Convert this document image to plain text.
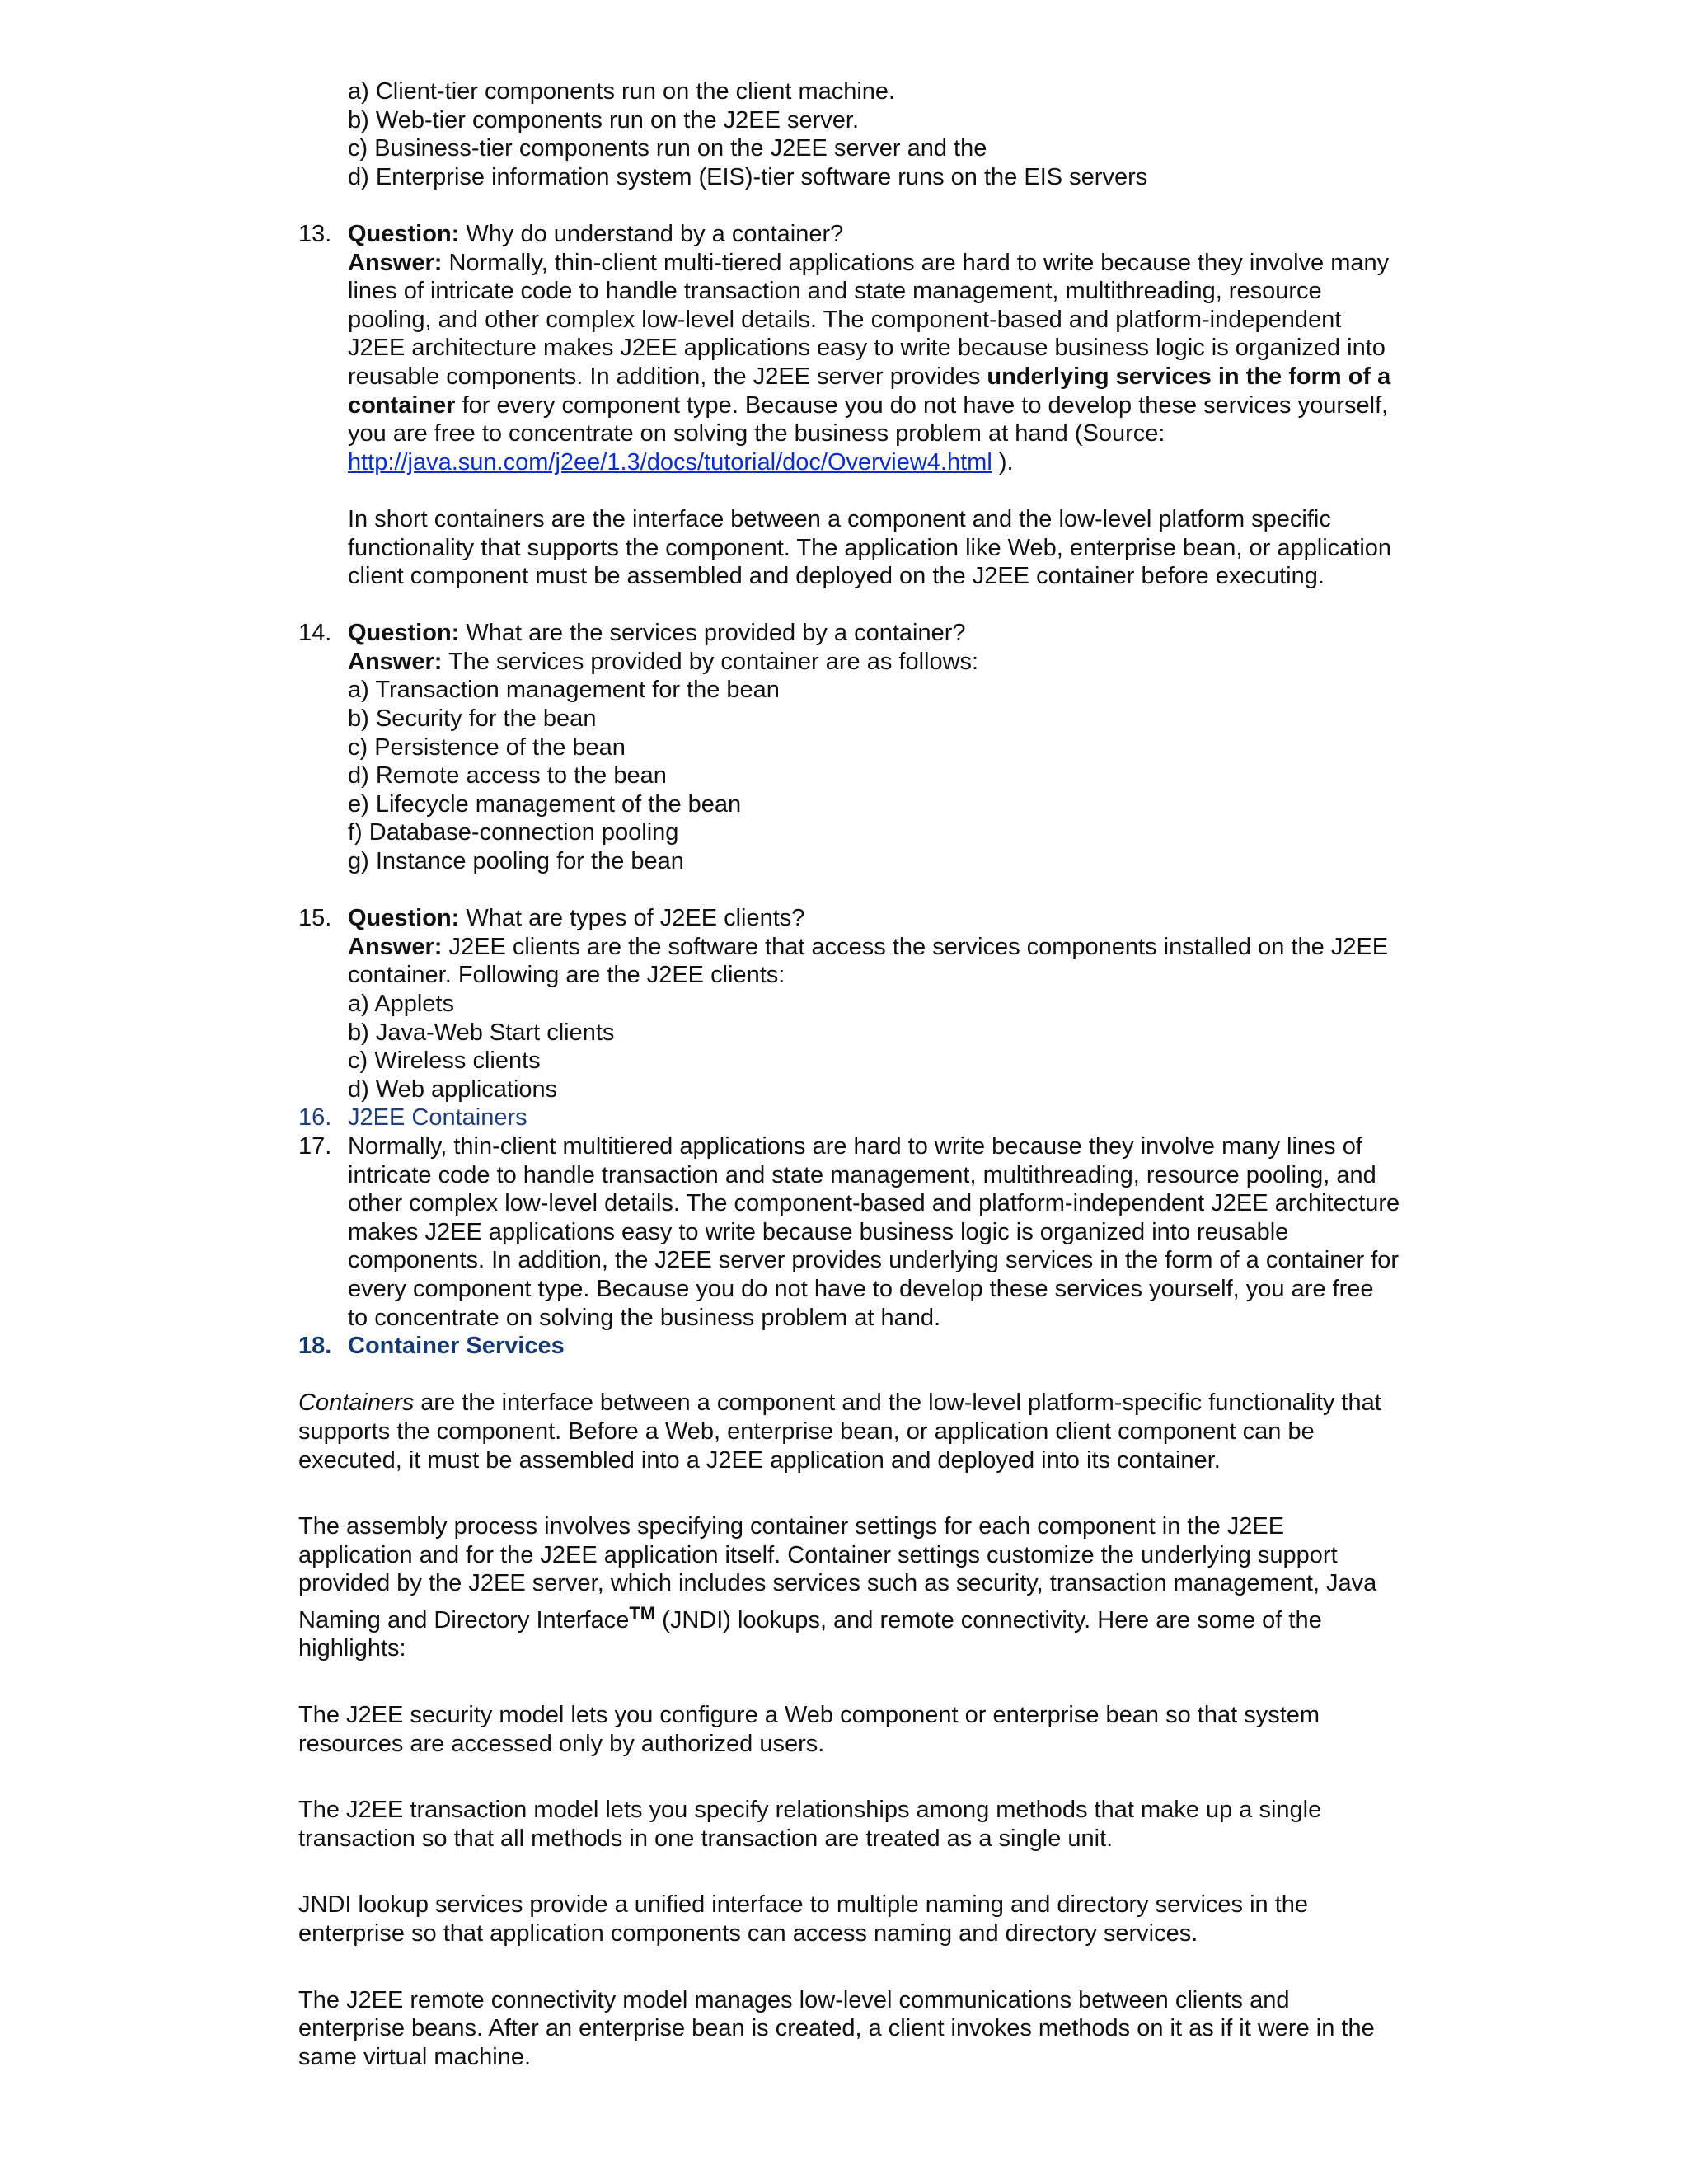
a) Client-tier components run on the client machine.
b) Web-tier components run on the J2EE server.
c) Business-tier components run on the J2EE server and the
d) Enterprise information system (EIS)-tier software runs on the EIS servers
13. Question: Why do understand by a container?
Answer: Normally, thin-client multi-tiered applications are hard to write because they involve many
lines of intricate code to handle transaction and state management, multithreading, resource
pooling, and other complex low-level details. The component-based and platform-independent
J2EE architecture makes J2EE applications easy to write because business logic is organized into
reusable components. In addition, the J2EE server provides underlying services in the form of a
container for every component type. Because you do not have to develop these services yourself,
you are free to concentrate on solving the business problem at hand (Source:
http://java.sun.com/j2ee/1.3/docs/tutorial/doc/Overview4.html ).
In short containers are the interface between a component and the low-level platform specific
functionality that supports the component. The application like Web, enterprise bean, or application
client component must be assembled and deployed on the J2EE container before executing.
14. Question: What are the services provided by a container?
Answer: The services provided by container are as follows:
a) Transaction management for the bean
b) Security for the bean
c) Persistence of the bean
d) Remote access to the bean
e) Lifecycle management of the bean
f) Database-connection pooling
g) Instance pooling for the bean
15. Question: What are types of J2EE clients?
Answer: J2EE clients are the software that access the services components installed on the J2EE
container. Following are the J2EE clients:
a) Applets
b) Java-Web Start clients
c) Wireless clients
d) Web applications
16. J2EE Containers
17. Normally, thin-client multitiered applications are hard to write because they involve many lines of
intricate code to handle transaction and state management, multithreading, resource pooling, and
other complex low-level details. The component-based and platform-independent J2EE architecture
makes J2EE applications easy to write because business logic is organized into reusable
components. In addition, the J2EE server provides underlying services in the form of a container for
every component type. Because you do not have to develop these services yourself, you are free
to concentrate on solving the business problem at hand.
18. Container Services
Containers are the interface between a component and the low-level platform-specific functionality that
supports the component. Before a Web, enterprise bean, or application client component can be
executed, it must be assembled into a J2EE application and deployed into its container.
The assembly process involves specifying container settings for each component in the J2EE
application and for the J2EE application itself. Container settings customize the underlying support
provided by the J2EE server, which includes services such as security, transaction management, Java
Naming and Directory Interface™ (JNDI) lookups, and remote connectivity. Here are some of the
highlights:
The J2EE security model lets you configure a Web component or enterprise bean so that system
resources are accessed only by authorized users.
The J2EE transaction model lets you specify relationships among methods that make up a single
transaction so that all methods in one transaction are treated as a single unit.
JNDI lookup services provide a unified interface to multiple naming and directory services in the
enterprise so that application components can access naming and directory services.
The J2EE remote connectivity model manages low-level communications between clients and
enterprise beans. After an enterprise bean is created, a client invokes methods on it as if it were in the
same virtual machine.
